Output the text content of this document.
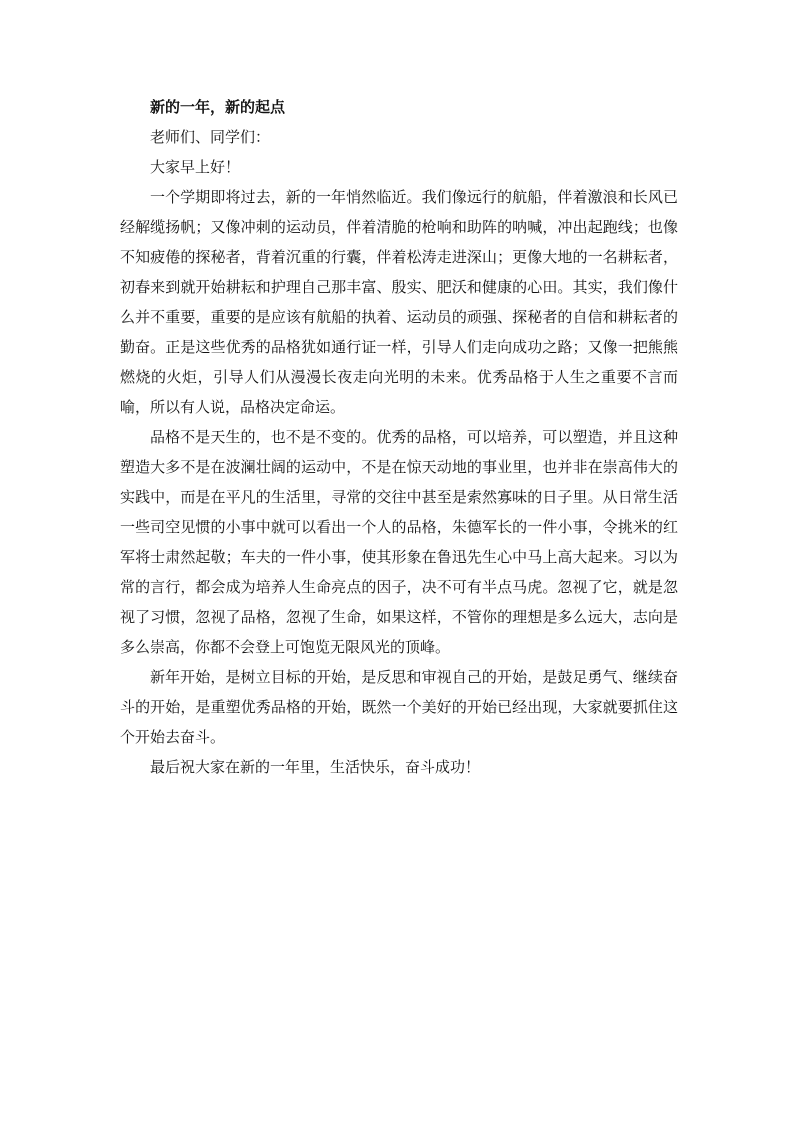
新的一年，新的起点

老师们、同学们：

大家早上好！

一个学期即将过去，新的一年悄然临近。我们像远行的航船，伴着激浪和长风已经解缆扬帆；又像冲刺的运动员，伴着清脆的枪响和助阵的呐喊，冲出起跑线；也像不知疲倦的探秘者，背着沉重的行囊，伴着松涛走进深山；更像大地的一名耕耘者，初春来到就开始耕耘和护理自己那丰富、殷实、肥沃和健康的心田。其实，我们像什么并不重要，重要的是应该有航船的执着、运动员的顽强、探秘者的自信和耕耘者的勤奋。正是这些优秀的品格犹如通行证一样，引导人们走向成功之路；又像一把熊熊燃烧的火炬，引导人们从漫漫长夜走向光明的未来。优秀品格于人生之重要不言而喻，所以有人说，品格决定命运。

品格不是天生的，也不是不变的。优秀的品格，可以培养，可以塑造，并且这种塑造大多不是在波澜壮阔的运动中，不是在惊天动地的事业里，也并非在崇高伟大的实践中，而是在平凡的生活里，寻常的交往中甚至是索然寡味的日子里。从日常生活一些司空见惯的小事中就可以看出一个人的品格，朱德军长的一件小事，令挑米的红军将士肃然起敬；车夫的一件小事，使其形象在鲁迅先生心中马上高大起来。习以为常的言行，都会成为培养人生命亮点的因子，决不可有半点马虎。忽视了它，就是忽视了习惯，忽视了品格，忽视了生命，如果这样，不管你的理想是多么远大，志向是多么崇高，你都不会登上可饱览无限风光的顶峰。

新年开始，是树立目标的开始，是反思和审视自己的开始，是鼓足勇气、继续奋斗的开始，是重塑优秀品格的开始，既然一个美好的开始已经出现，大家就要抓住这个开始去奋斗。

最后祝大家在新的一年里，生活快乐，奋斗成功！
